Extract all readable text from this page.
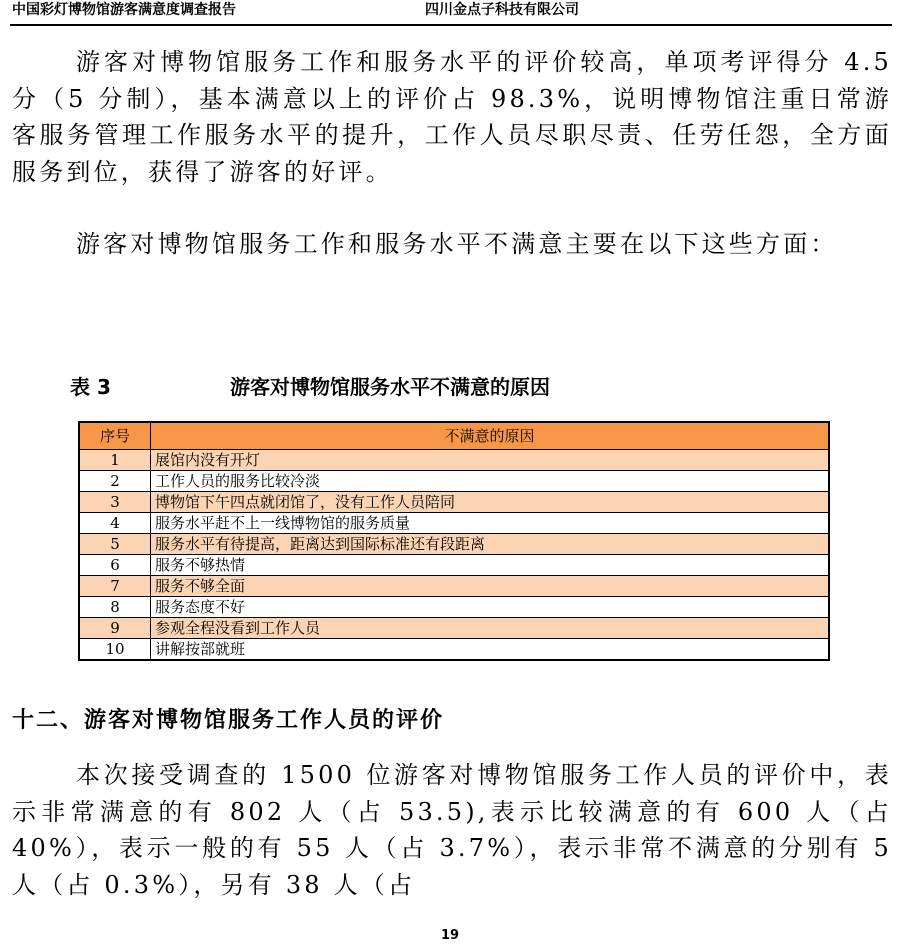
中国彩灯博物馆游客满意度调查报告	四川金点子科技有限公司

游客对博物馆服务工作和服务水平的评价较高，单项考评得分 4.5 分（5 分制），基本满意以上的评价占 98.3%，说明博物馆注重日常游客服务管理工作服务水平的提升，工作人员尽职尽责、任劳任怨，全方面服务到位，获得了游客的好评。

游客对博物馆服务工作和服务水平不满意主要在以下这些方面：

表 3	游客对博物馆服务水平不满意的原因
序号	不满意的原因
1	展馆内没有开灯
2	工作人员的服务比较冷淡
3	博物馆下午四点就闭馆了，没有工作人员陪同
4	服务水平赶不上一线博物馆的服务质量
5	服务水平有待提高，距离达到国际标准还有段距离
6	服务不够热情
7	服务不够全面
8	服务态度不好
9	参观全程没看到工作人员
10	讲解按部就班
十二、游客对博物馆服务工作人员的评价

本次接受调查的 1500 位游客对博物馆服务工作人员的评价中，表示非常满意的有 802 人（占 53.5),表示比较满意的有 600 人（占 40%），表示一般的有 55 人（占 3.7%），表示非常不满意的分别有 5 人（占 0.3%），另有 38 人（占

19
